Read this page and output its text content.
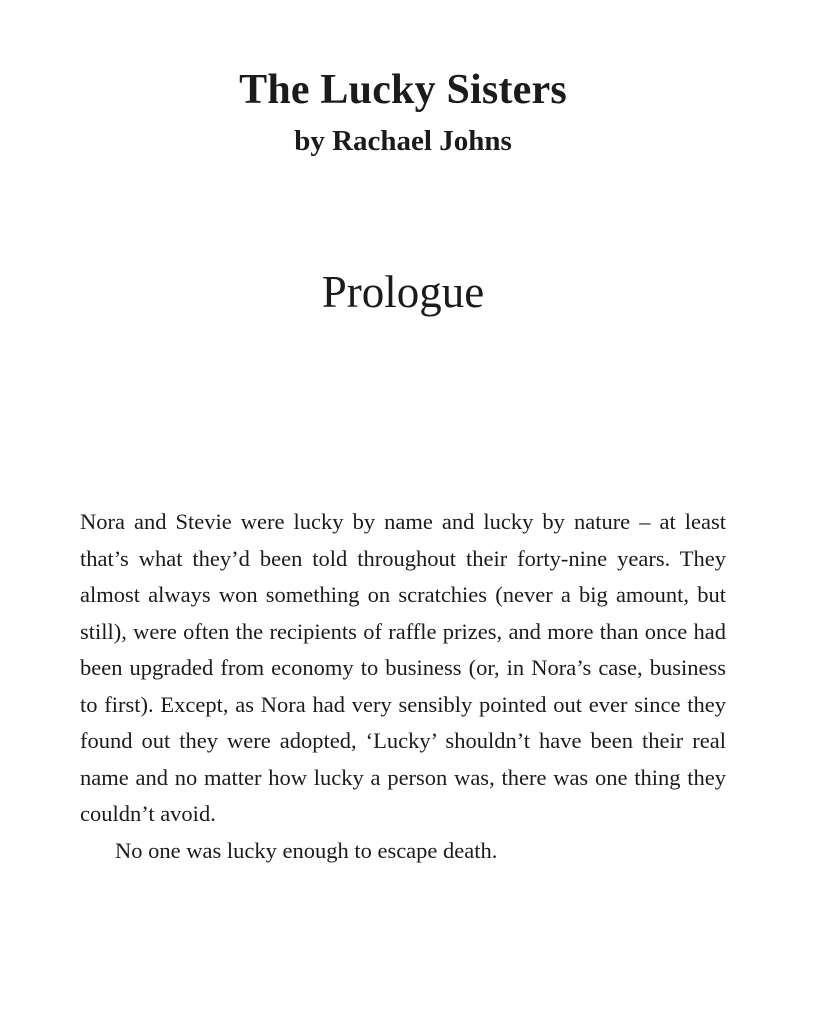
The Lucky Sisters

by Rachael Johns

Prologue

Nora and Stevie were lucky by name and lucky by nature – at least that’s what they’d been told throughout their forty-nine years. They almost always won something on scratchies (never a big amount, but still), were often the recipients of raffle prizes, and more than once had been upgraded from economy to business (or, in Nora’s case, business to first). Except, as Nora had very sensibly pointed out ever since they found out they were adopted, ‘Lucky’ shouldn’t have been their real name and no matter how lucky a person was, there was one thing they couldn’t avoid.

No one was lucky enough to escape death.
